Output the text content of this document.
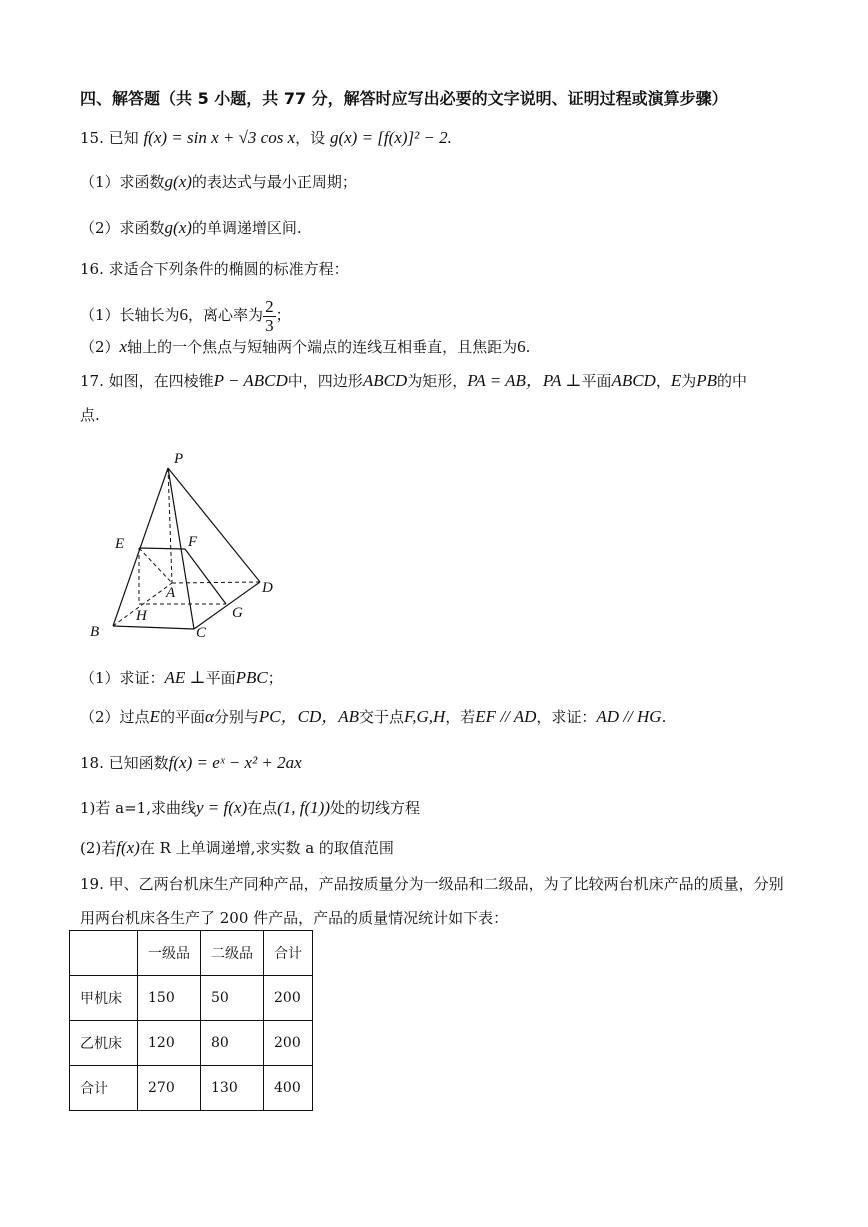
四、解答题（共 5 小题，共 77 分，解答时应写出必要的文字说明、证明过程或演算步骤）
15. 已知 f(x) = sin x + √3 cos x，设 g(x) = [f(x)]² − 2.
（1）求函数g(x)的表达式与最小正周期；
（2）求函数g(x)的单调递增区间.
16. 求适合下列条件的椭圆的标准方程：
（1）长轴长为6，离心率为 $\frac{2}{3}$ ；
（2）x轴上的一个焦点与短轴两个端点的连线互相垂直，且焦距为6.
17. 如图，在四棱锥P − ABCD中，四边形ABCD为矩形，PA = AB，PA ⊥平面ABCD，E为PB的中
点.
P
E	F
A	D
H	G
B	C
（1）求证：AE ⊥平面PBC；
（2）过点E的平面α分别与PC，CD，AB交于点F,G,H，若EF // AD，求证：AD // HG.
18. 已知函数f(x) = eˣ − x² + 2ax
1)若 a=1,求曲线y = f(x)在点(1, f(1))处的切线方程
(2)若f(x)在 R 上单调递增,求实数 a 的取值范围
19. 甲、乙两台机床生产同种产品，产品按质量分为一级品和二级品，为了比较两台机床产品的质量，分别
用两台机床各生产了 200 件产品，产品的质量情况统计如下表：
	一级品	二级品	合计
甲机床	150	50	200
乙机床	120	80	200
合计	270	130	400
